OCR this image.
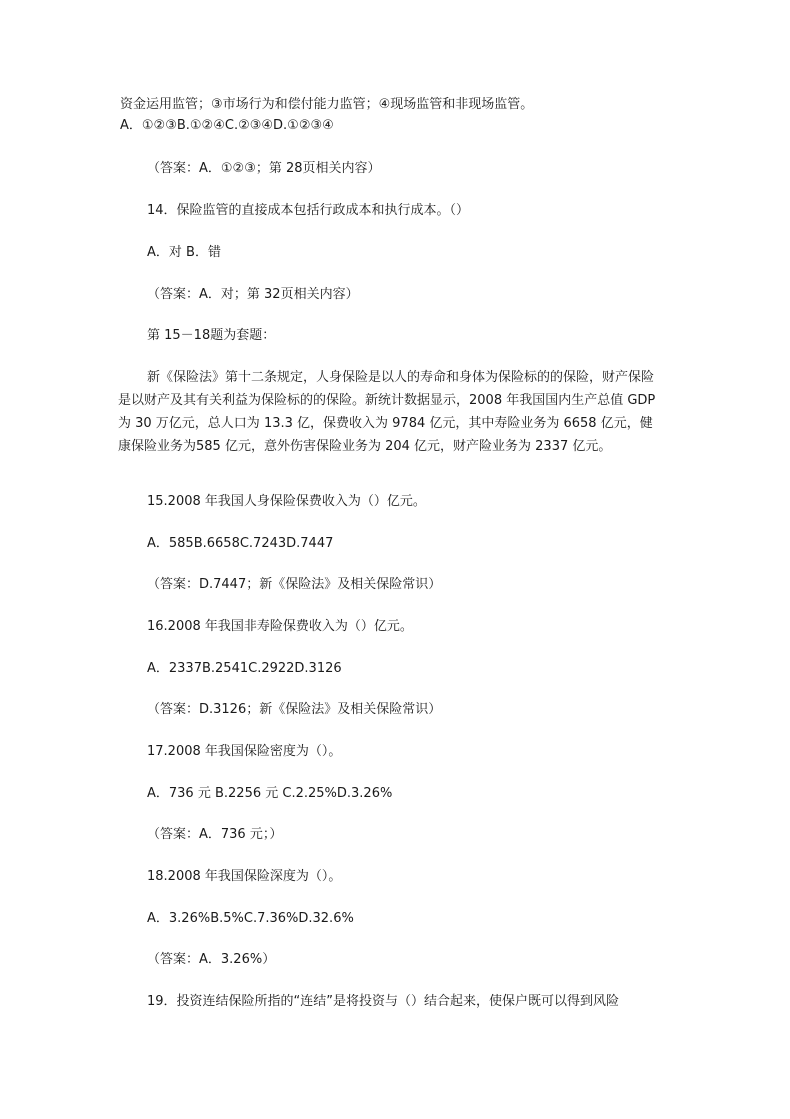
资金运用监管；③市场行为和偿付能力监管；④现场监管和非现场监管。
A．①②③B.①②④C.②③④D.①②③④
（答案：A．①②③；第 28页相关内容）
14．保险监管的直接成本包括行政成本和执行成本。（）
A．对 B．错
（答案：A．对；第 32页相关内容）
第 15－18题为套题：
新《保险法》第十二条规定，人身保险是以人的寿命和身体为保险标的的保险，财产保险是以财产及其有关利益为保险标的的保险。新统计数据显示，2008 年我国国内生产总值 GDP 为 30 万亿元，总人口为 13.3 亿，保费收入为 9784 亿元，其中寿险业务为 6658 亿元，健康保险业务为585 亿元，意外伤害保险业务为 204 亿元，财产险业务为 2337 亿元。
15.2008 年我国人身保险保费收入为（）亿元。
A．585B.6658C.7243D.7447
（答案：D.7447；新《保险法》及相关保险常识）
16.2008 年我国非寿险保费收入为（）亿元。
A．2337B.2541C.2922D.3126
（答案：D.3126；新《保险法》及相关保险常识）
17.2008 年我国保险密度为（）。
A．736 元 B.2256 元 C.2.25%D.3.26%
（答案：A．736 元；）
18.2008 年我国保险深度为（）。
A．3.26%B.5%C.7.36%D.32.6%
（答案：A．3.26%）
19．投资连结保险所指的“连结”是将投资与（）结合起来，使保户既可以得到风险
